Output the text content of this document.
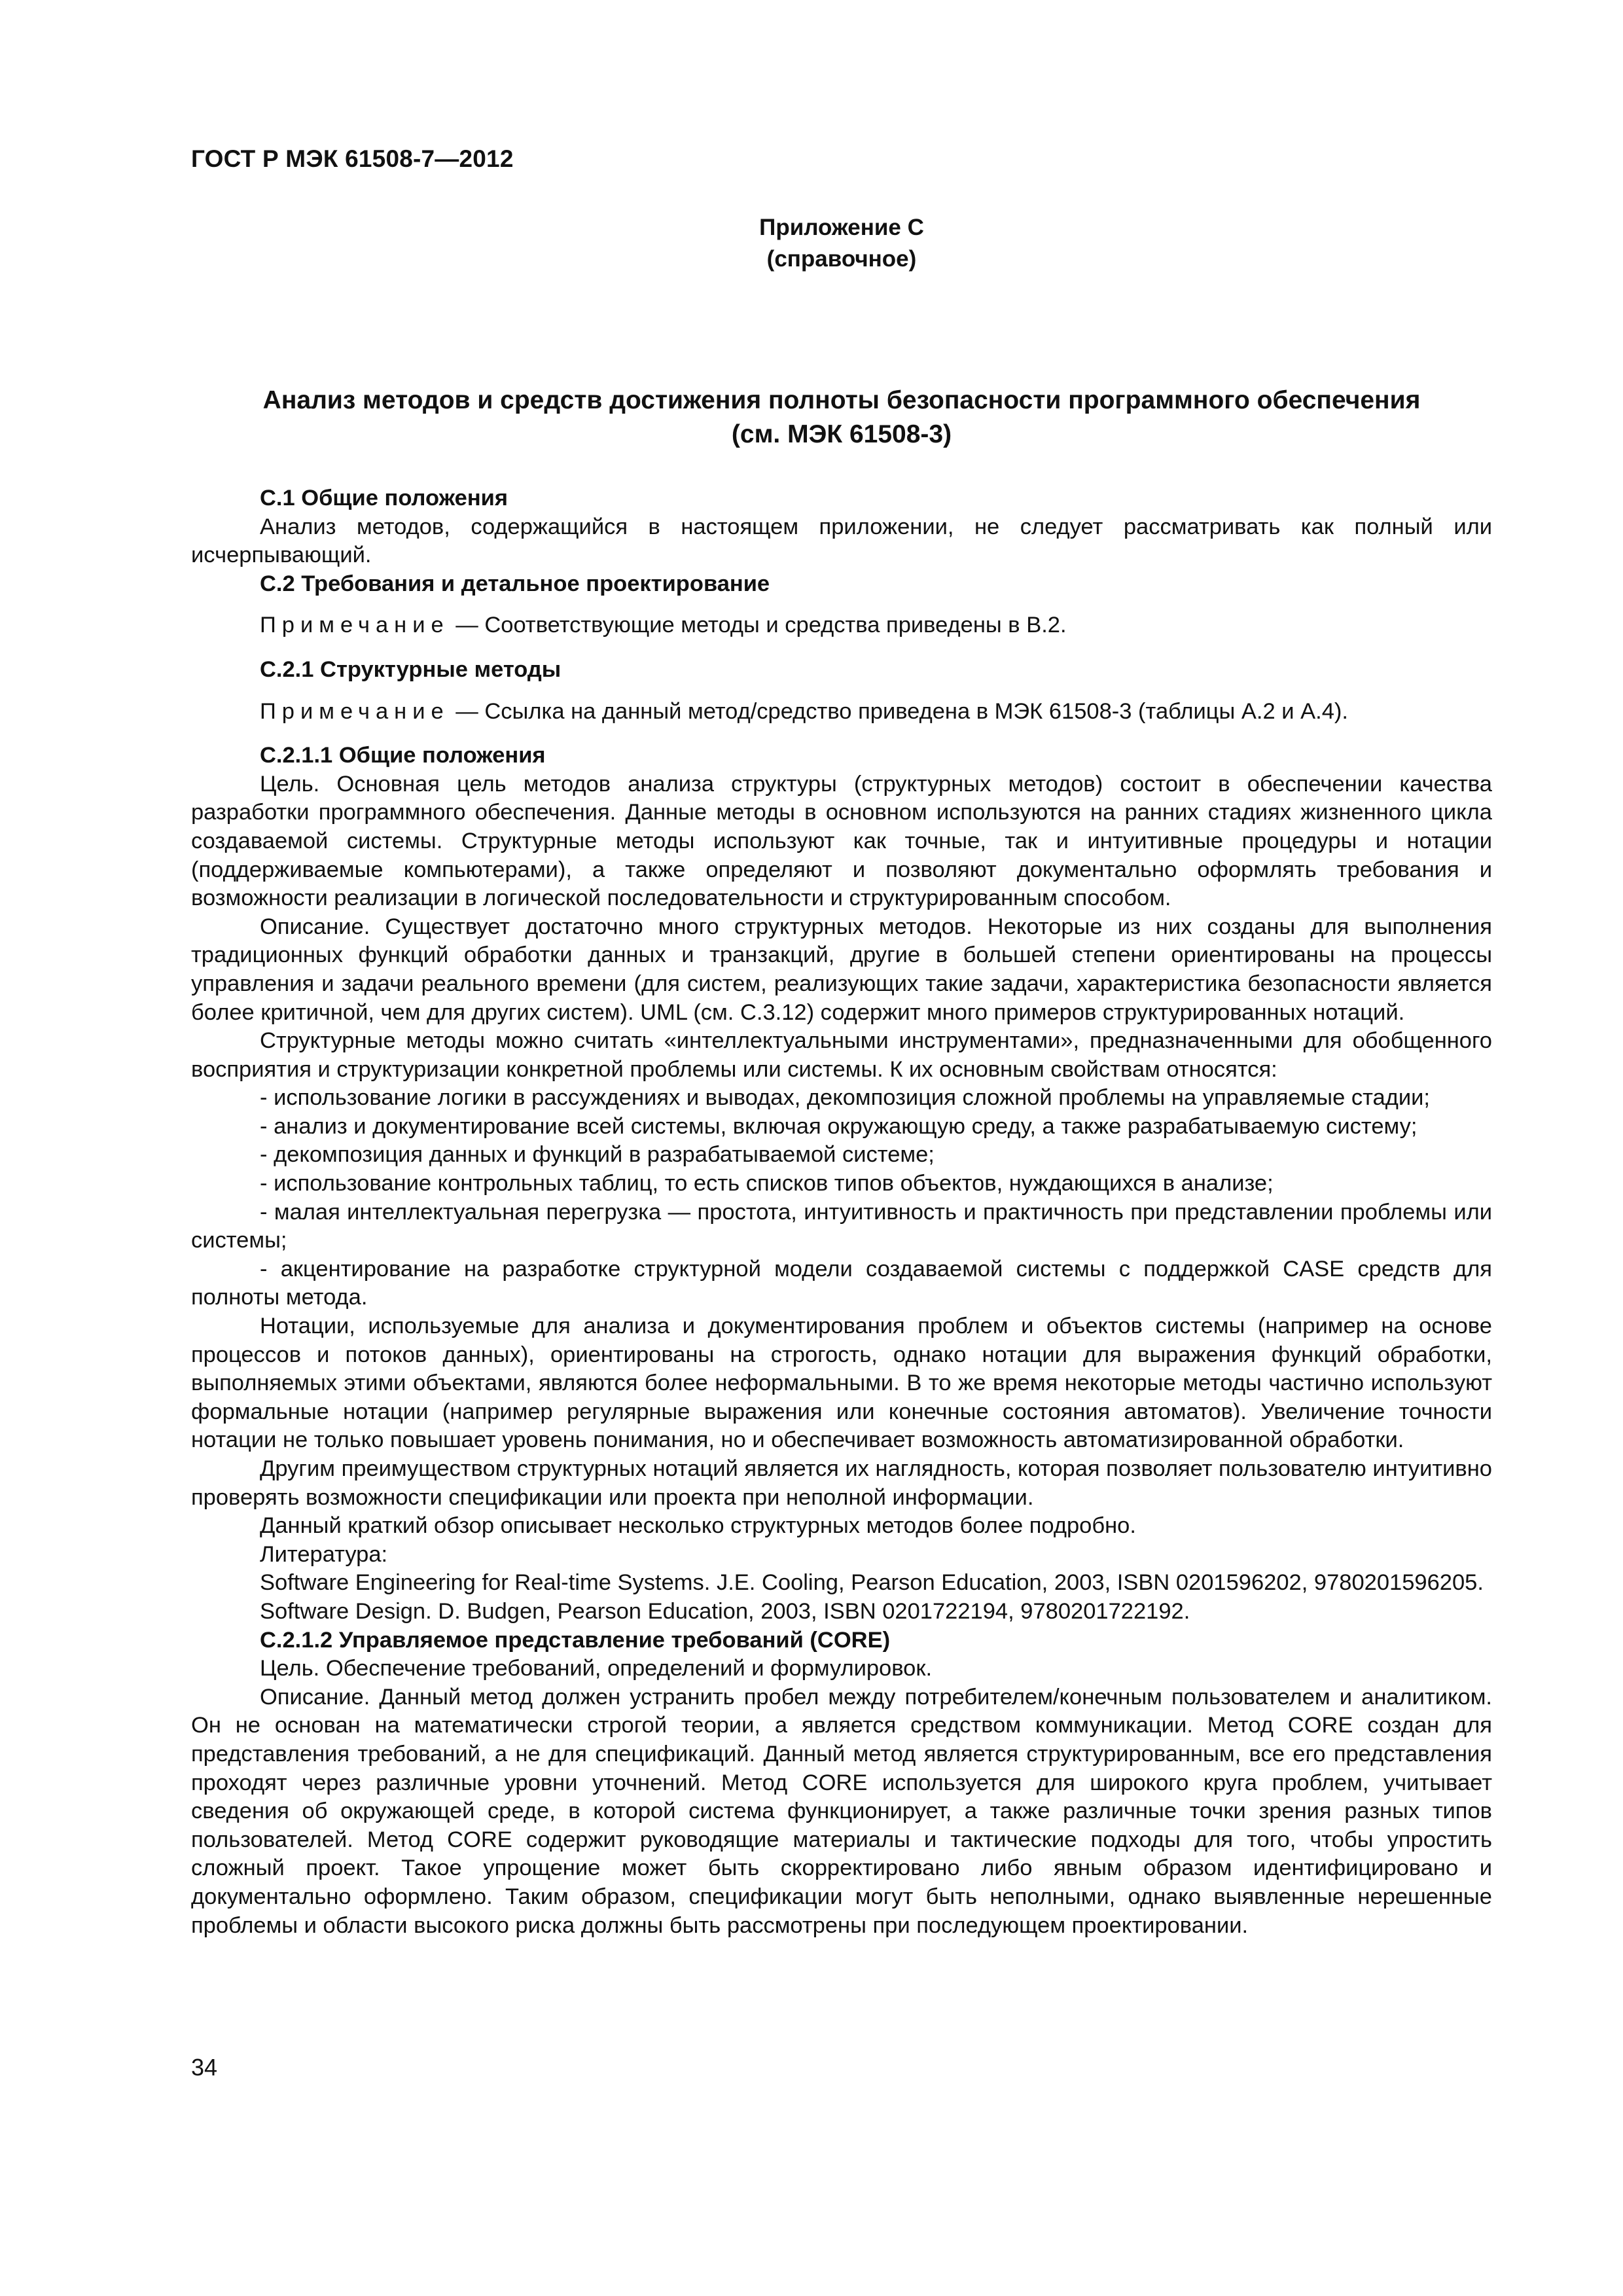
ГОСТ Р МЭК 61508-7—2012
Приложение С
(справочное)
Анализ методов и средств достижения полноты безопасности программного обеспечения
(см. МЭК 61508-3)

С.1 Общие положения

Анализ методов, содержащийся в настоящем приложении, не следует рассматривать как полный или исчерпывающий.

С.2 Требования и детальное проектирование

Примечание — Соответствующие методы и средства приведены в В.2.

С.2.1 Структурные методы

Примечание — Ссылка на данный метод/средство приведена в МЭК 61508-3 (таблицы А.2 и А.4).

С.2.1.1 Общие положения

Цель. Основная цель методов анализа структуры (структурных методов) состоит в обеспечении качества разработки программного обеспечения. Данные методы в основном используются на ранних стадиях жизненного цикла создаваемой системы. Структурные методы используют как точные, так и интуитивные процедуры и нотации (поддерживаемые компьютерами), а также определяют и позволяют документально оформлять требования и возможности реализации в логической последовательности и структурированным способом.

Описание. Существует достаточно много структурных методов. Некоторые из них созданы для выполнения традиционных функций обработки данных и транзакций, другие в большей степени ориентированы на процессы управления и задачи реального времени (для систем, реализующих такие задачи, характеристика безопасности является более критичной, чем для других систем). UML (см. С.3.12) содержит много примеров структурированных нотаций.

Структурные методы можно считать «интеллектуальными инструментами», предназначенными для обобщенного восприятия и структуризации конкретной проблемы или системы. К их основным свойствам относятся:

- использование логики в рассуждениях и выводах, декомпозиция сложной проблемы на управляемые стадии;

- анализ и документирование всей системы, включая окружающую среду, а также разрабатываемую систему;

- декомпозиция данных и функций в разрабатываемой системе;

- использование контрольных таблиц, то есть списков типов объектов, нуждающихся в анализе;

- малая интеллектуальная перегрузка — простота, интуитивность и практичность при представлении проблемы или системы;

- акцентирование на разработке структурной модели создаваемой системы с поддержкой CASE средств для полноты метода.

Нотации, используемые для анализа и документирования проблем и объектов системы (например на основе процессов и потоков данных), ориентированы на строгость, однако нотации для выражения функций обработки, выполняемых этими объектами, являются более неформальными. В то же время некоторые методы частично используют формальные нотации (например регулярные выражения или конечные состояния автоматов). Увеличение точности нотации не только повышает уровень понимания, но и обеспечивает возможность автоматизированной обработки.

Другим преимуществом структурных нотаций является их наглядность, которая позволяет пользователю интуитивно проверять возможности спецификации или проекта при неполной информации.

Данный краткий обзор описывает несколько структурных методов более подробно.

Литература:

Software Engineering for Real-time Systems. J.E. Cooling, Pearson Education, 2003, ISBN 0201596202, 9780201596205.

Software Design. D. Budgen, Pearson Education, 2003, ISBN 0201722194, 9780201722192.

С.2.1.2 Управляемое представление требований (CORE)

Цель. Обеспечение требований, определений и формулировок.

Описание. Данный метод должен устранить пробел между потребителем/конечным пользователем и аналитиком. Он не основан на математически строгой теории, а является средством коммуникации. Метод CORE создан для представления требований, а не для спецификаций. Данный метод является структурированным, все его представления проходят через различные уровни уточнений. Метод CORE используется для широкого круга проблем, учитывает сведения об окружающей среде, в которой система функционирует, а также различные точки зрения разных типов пользователей. Метод CORE содержит руководящие материалы и тактические подходы для того, чтобы упростить сложный проект. Такое упрощение может быть скорректировано либо явным образом идентифицировано и документально оформлено. Таким образом, спецификации могут быть неполными, однако выявленные нерешенные проблемы и области высокого риска должны быть рассмотрены при последующем проектировании.

34
